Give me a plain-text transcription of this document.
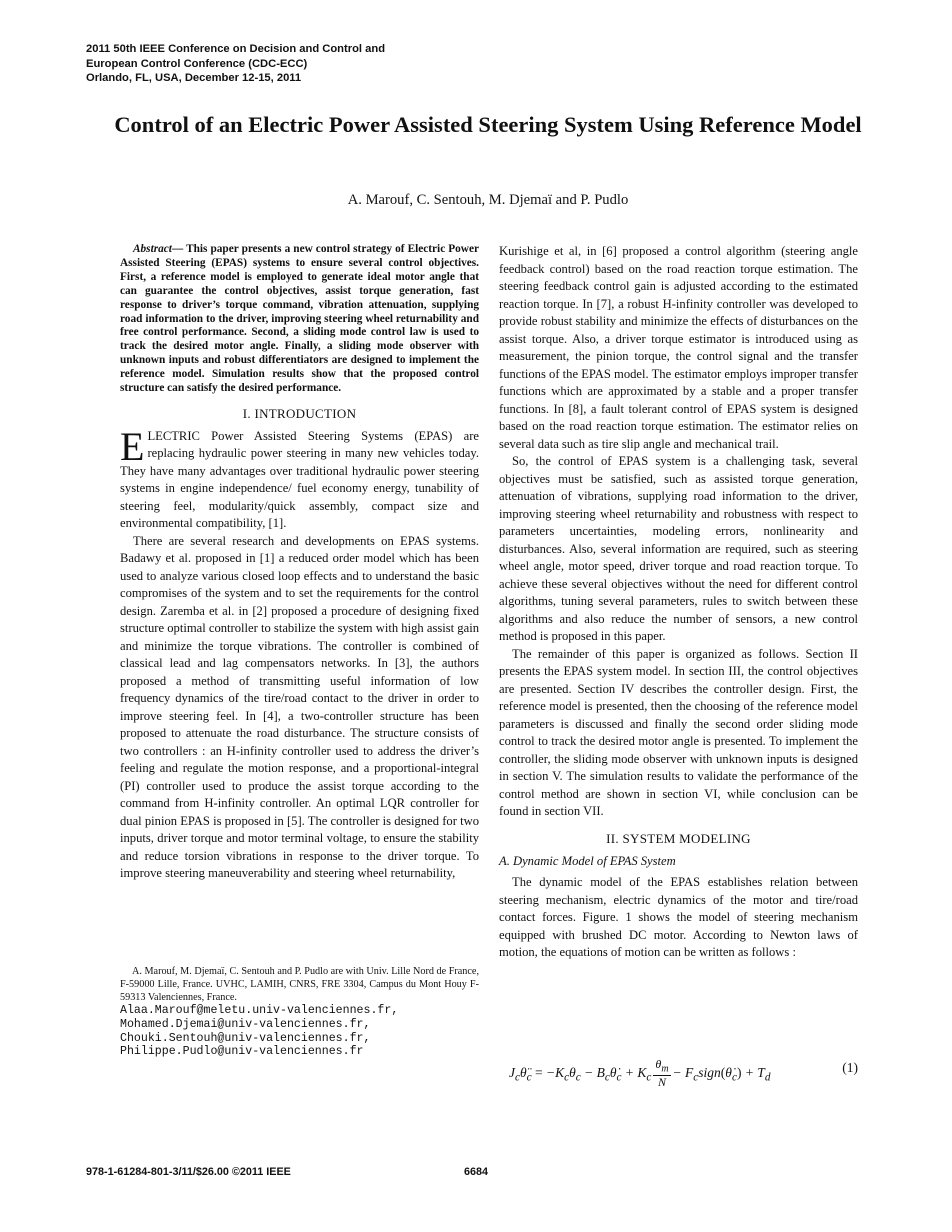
2011 50th IEEE Conference on Decision and Control and
European Control Conference (CDC-ECC)
Orlando, FL, USA, December 12-15, 2011
Control of an Electric Power Assisted Steering System Using Reference Model
A. Marouf, C. Sentouh, M. Djemaï and P. Pudlo

Abstract— This paper presents a new control strategy of Electric Power Assisted Steering (EPAS) systems to ensure several control objectives. First, a reference model is employed to generate ideal motor angle that can guarantee the control objectives, assist torque generation, fast response to driver’s torque command, vibration attenuation, supplying road information to the driver, improving steering wheel returnability and free control performance. Second, a sliding mode control law is used to track the desired motor angle. Finally, a sliding mode observer with unknown inputs and robust differentiators are designed to implement the reference model. Simulation results show that the proposed control structure can satisfy the desired performance.

I. INTRODUCTION

ELECTRIC Power Assisted Steering Systems (EPAS) are replacing hydraulic power steering in many new vehicles today. They have many advantages over traditional hydraulic power steering systems in engine independence/ fuel economy energy, tunability of steering feel, modularity/quick assembly, compact size and environmental compatibility, [1].

There are several research and developments on EPAS systems. Badawy et al. proposed in [1] a reduced order model which has been used to analyze various closed loop effects and to understand the basic compromises of the system and to set the requirements for the control design. Zaremba et al. in [2] proposed a procedure of designing fixed structure optimal controller to stabilize the system with high assist gain and minimize the torque vibrations. The controller is combined of classical lead and lag compensators networks. In [3], the authors proposed a method of transmitting useful information of low frequency dynamics of the tire/road contact to the driver in order to improve steering feel. In [4], a two-controller structure has been proposed to attenuate the road disturbance. The structure consists of two controllers : an H-infinity controller used to address the driver’s feeling and regulate the motion response, and a proportional-integral (PI) controller used to produce the assist torque according to the command from H-infinity controller. An optimal LQR controller for dual pinion EPAS is proposed in [5]. The controller is designed for two inputs, driver torque and motor terminal voltage, to ensure the stability and reduce torsion vibrations in response to the driver torque. To improve steering maneuverability and steering wheel returnability,

A. Marouf, M. Djemaï, C. Sentouh and P. Pudlo are with Univ. Lille Nord de France, F-59000 Lille, France. UVHC, LAMIH, CNRS, FRE 3304, Campus du Mont Houy F-59313 Valenciennes, France.

Alaa.Marouf@meletu.univ-valenciennes.fr,
Mohamed.Djemai@univ-valenciennes.fr,
Chouki.Sentouh@univ-valenciennes.fr,
Philippe.Pudlo@univ-valenciennes.fr

Kurishige et al, in [6] proposed a control algorithm (steering angle feedback control) based on the road reaction torque estimation. The steering feedback control gain is adjusted according to the estimated reaction torque. In [7], a robust H-infinity controller was developed to provide robust stability and minimize the effects of disturbances on the assist torque. Also, a driver torque estimator is introduced using as measurement, the pinion torque, the control signal and the transfer functions of the EPAS model. The estimator employs improper transfer functions which are approximated by a stable and a proper transfer functions. In [8], a fault tolerant control of EPAS system is designed based on the road reaction torque estimation. The estimator relies on several data such as tire slip angle and mechanical trail.

So, the control of EPAS system is a challenging task, several objectives must be satisfied, such as assisted torque generation, attenuation of vibrations, supplying road information to the driver, improving steering wheel returnability and robustness with respect to parameters uncertainties, modeling errors, nonlinearity and disturbances. Also, several information are required, such as steering wheel angle, motor speed, driver torque and road reaction torque. To achieve these several objectives without the need for different control algorithms, tuning several parameters, rules to switch between these algorithms and also reduce the number of sensors, a new control method is proposed in this paper.

The remainder of this paper is organized as follows. Section II presents the EPAS system model. In section III, the control objectives are presented. Section IV describes the controller design. First, the reference model is presented, then the choosing of the reference model parameters is discussed and finally the second order sliding mode control to track the desired motor angle is presented. To implement the controller, the sliding mode observer with unknown inputs is designed in section V. The simulation results to validate the performance of the control method are shown in section VI, while conclusion can be found in section VII.

II. SYSTEM MODELING
A. Dynamic Model of EPAS System

The dynamic model of the EPAS establishes relation between steering mechanism, electric dynamics of the motor and tire/road contact forces. Figure. 1 shows the model of steering mechanism equipped with brushed DC motor. According to Newton laws of motion, the equations of motion can be written as follows :

$J_c\thetä_c = -K_c\theta_c$ − $B_c\thetȧ_c + K_c \frac{\theta_m}{N}$ − $F_csign(\thetȧ_c) + T_d$
(1)
978-1-61284-801-3/11/$26.00 ©2011 IEEE	6684
